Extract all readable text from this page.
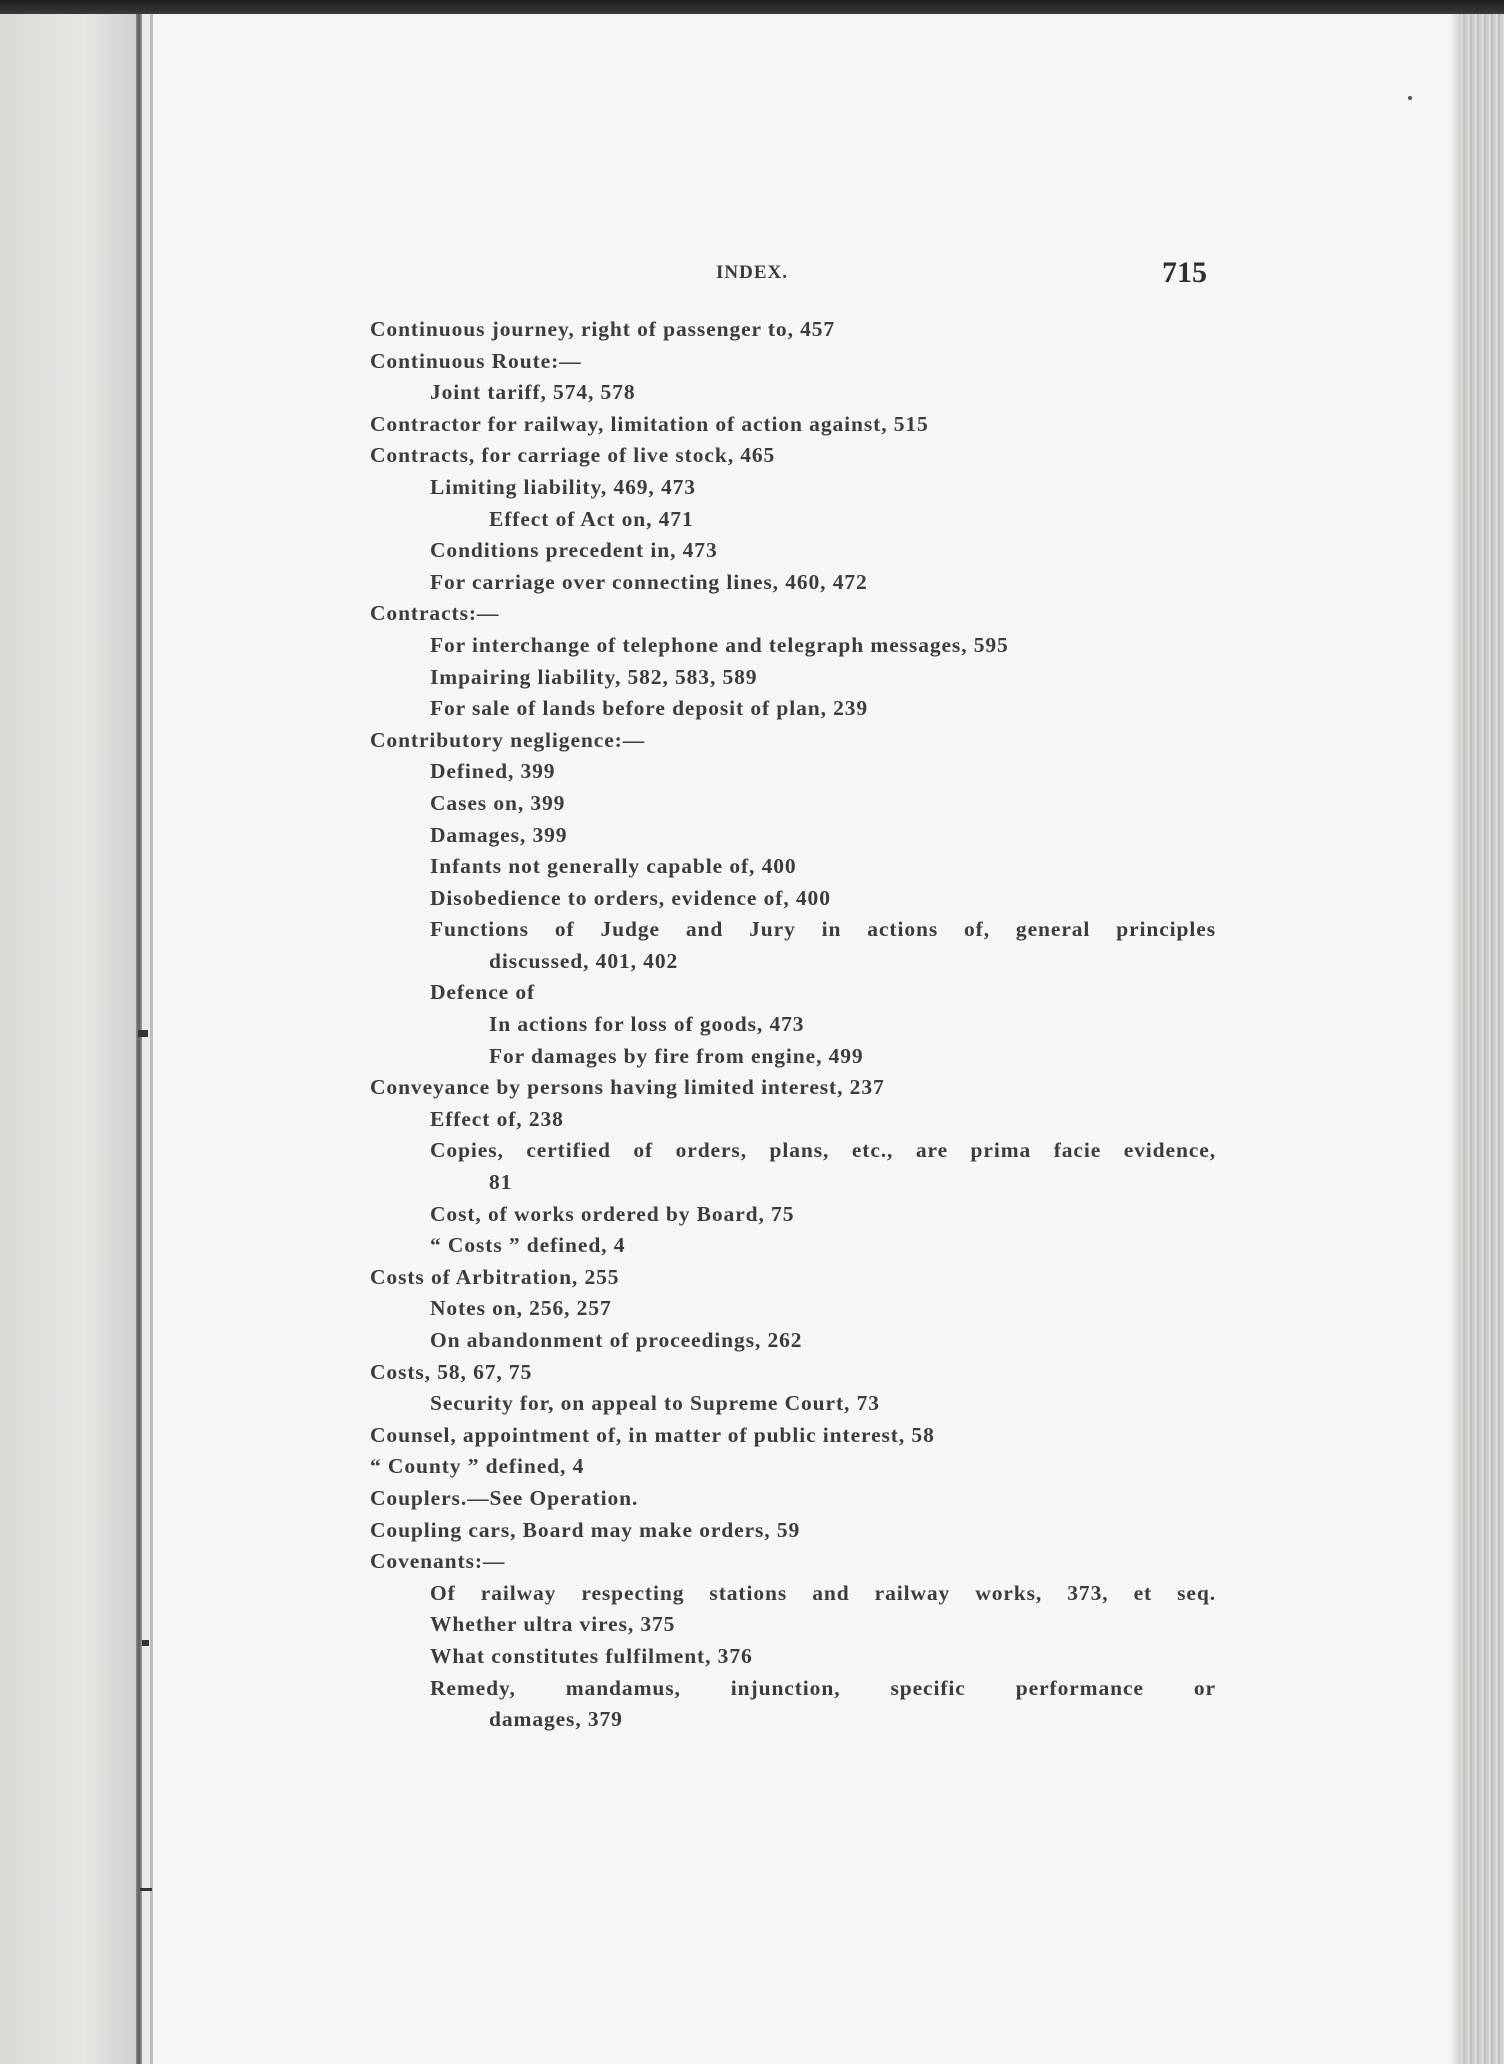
INDEX.	715
Continuous journey, right of passenger to, 457
Continuous Route:—
Joint tariff, 574, 578
Contractor for railway, limitation of action against, 515
Contracts, for carriage of live stock, 465
Limiting liability, 469, 473
Effect of Act on, 471
Conditions precedent in, 473
For carriage over connecting lines, 460, 472
Contracts:—
For interchange of telephone and telegraph messages, 595
Impairing liability, 582, 583, 589
For sale of lands before deposit of plan, 239
Contributory negligence:—
Defined, 399
Cases on, 399
Damages, 399
Infants not generally capable of, 400
Disobedience to orders, evidence of, 400
Functions of Judge and Jury in actions of, general principles
discussed, 401, 402
Defence of
In actions for loss of goods, 473
For damages by fire from engine, 499
Conveyance by persons having limited interest, 237
Effect of, 238
Copies, certified of orders, plans, etc., are prima facie evidence,
81
Cost, of works ordered by Board, 75
“ Costs ” defined, 4
Costs of Arbitration, 255
Notes on, 256, 257
On abandonment of proceedings, 262
Costs, 58, 67, 75
Security for, on appeal to Supreme Court, 73
Counsel, appointment of, in matter of public interest, 58
“ County ” defined, 4
Couplers.—See Operation.
Coupling cars, Board may make orders, 59
Covenants:—
Of railway respecting stations and railway works, 373, et seq.
Whether ultra vires, 375
What constitutes fulfilment, 376
Remedy, mandamus, injunction, specific performance or
damages, 379
